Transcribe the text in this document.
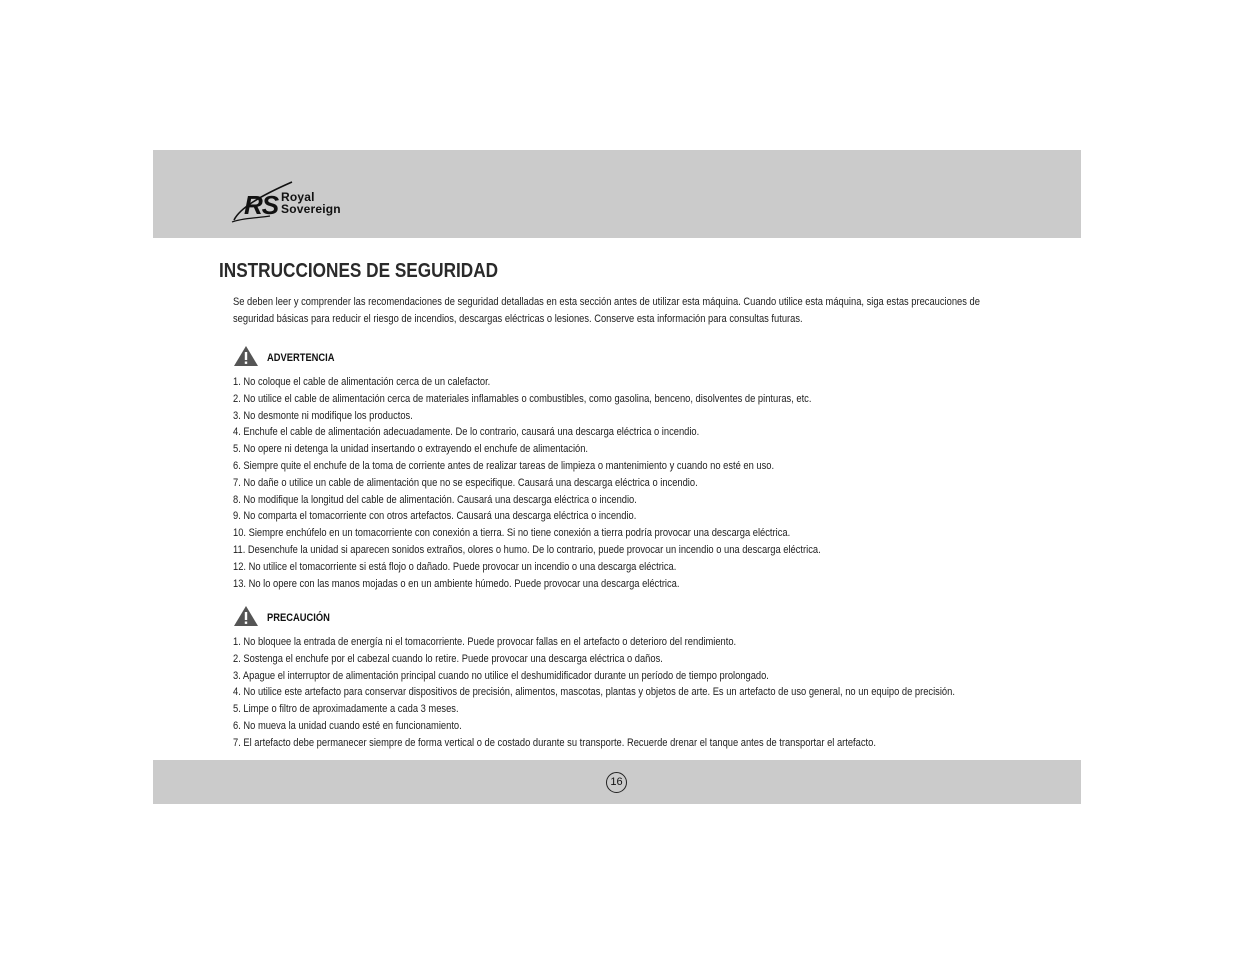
RS Royal
Sovereign
INSTRUCCIONES DE SEGURIDAD
Se deben leer y comprender las recomendaciones de seguridad detalladas en esta sección antes de utilizar esta máquina. Cuando utilice esta máquina, siga estas precauciones de seguridad básicas para reducir el riesgo de incendios, descargas eléctricas o lesiones. Conserve esta información para consultas futuras.
ADVERTENCIA
1. No coloque el cable de alimentación cerca de un calefactor.
2. No utilice el cable de alimentación cerca de materiales inflamables o combustibles, como gasolina, benceno, disolventes de pinturas, etc.
3. No desmonte ni modifique los productos.
4. Enchufe el cable de alimentación adecuadamente. De lo contrario, causará una descarga eléctrica o incendio.
5. No opere ni detenga la unidad insertando o extrayendo el enchufe de alimentación.
6. Siempre quite el enchufe de la toma de corriente antes de realizar tareas de limpieza o mantenimiento y cuando no esté en uso.
7. No dañe o utilice un cable de alimentación que no se especifique. Causará una descarga eléctrica o incendio.
8. No modifique la longitud del cable de alimentación. Causará una descarga eléctrica o incendio.
9. No comparta el tomacorriente con otros artefactos. Causará una descarga eléctrica o incendio.
10. Siempre enchúfelo en un tomacorriente con conexión a tierra. Si no tiene conexión a tierra podría provocar una descarga eléctrica.
11. Desenchufe la unidad si aparecen sonidos extraños, olores o humo. De lo contrario, puede provocar un incendio o una descarga eléctrica.
12. No utilice el tomacorriente si está flojo o dañado. Puede provocar un incendio o una descarga eléctrica.
13. No lo opere con las manos mojadas o en un ambiente húmedo. Puede provocar una descarga eléctrica.
PRECAUCIÓN
1. No bloquee la entrada de energía ni el tomacorriente. Puede provocar fallas en el artefacto o deterioro del rendimiento.
2. Sostenga el enchufe por el cabezal cuando lo retire. Puede provocar una descarga eléctrica o daños.
3. Apague el interruptor de alimentación principal cuando no utilice el deshumidificador durante un período de tiempo prolongado.
4. No utilice este artefacto para conservar dispositivos de precisión, alimentos, mascotas, plantas y objetos de arte. Es un artefacto de uso general, no un equipo de precisión.
5. Limpe o filtro de aproximadamente a cada 3 meses.
6. No mueva la unidad cuando esté en funcionamiento.
7. El artefacto debe permanecer siempre de forma vertical o de costado durante su transporte. Recuerde drenar el tanque antes de transportar el artefacto.
16
